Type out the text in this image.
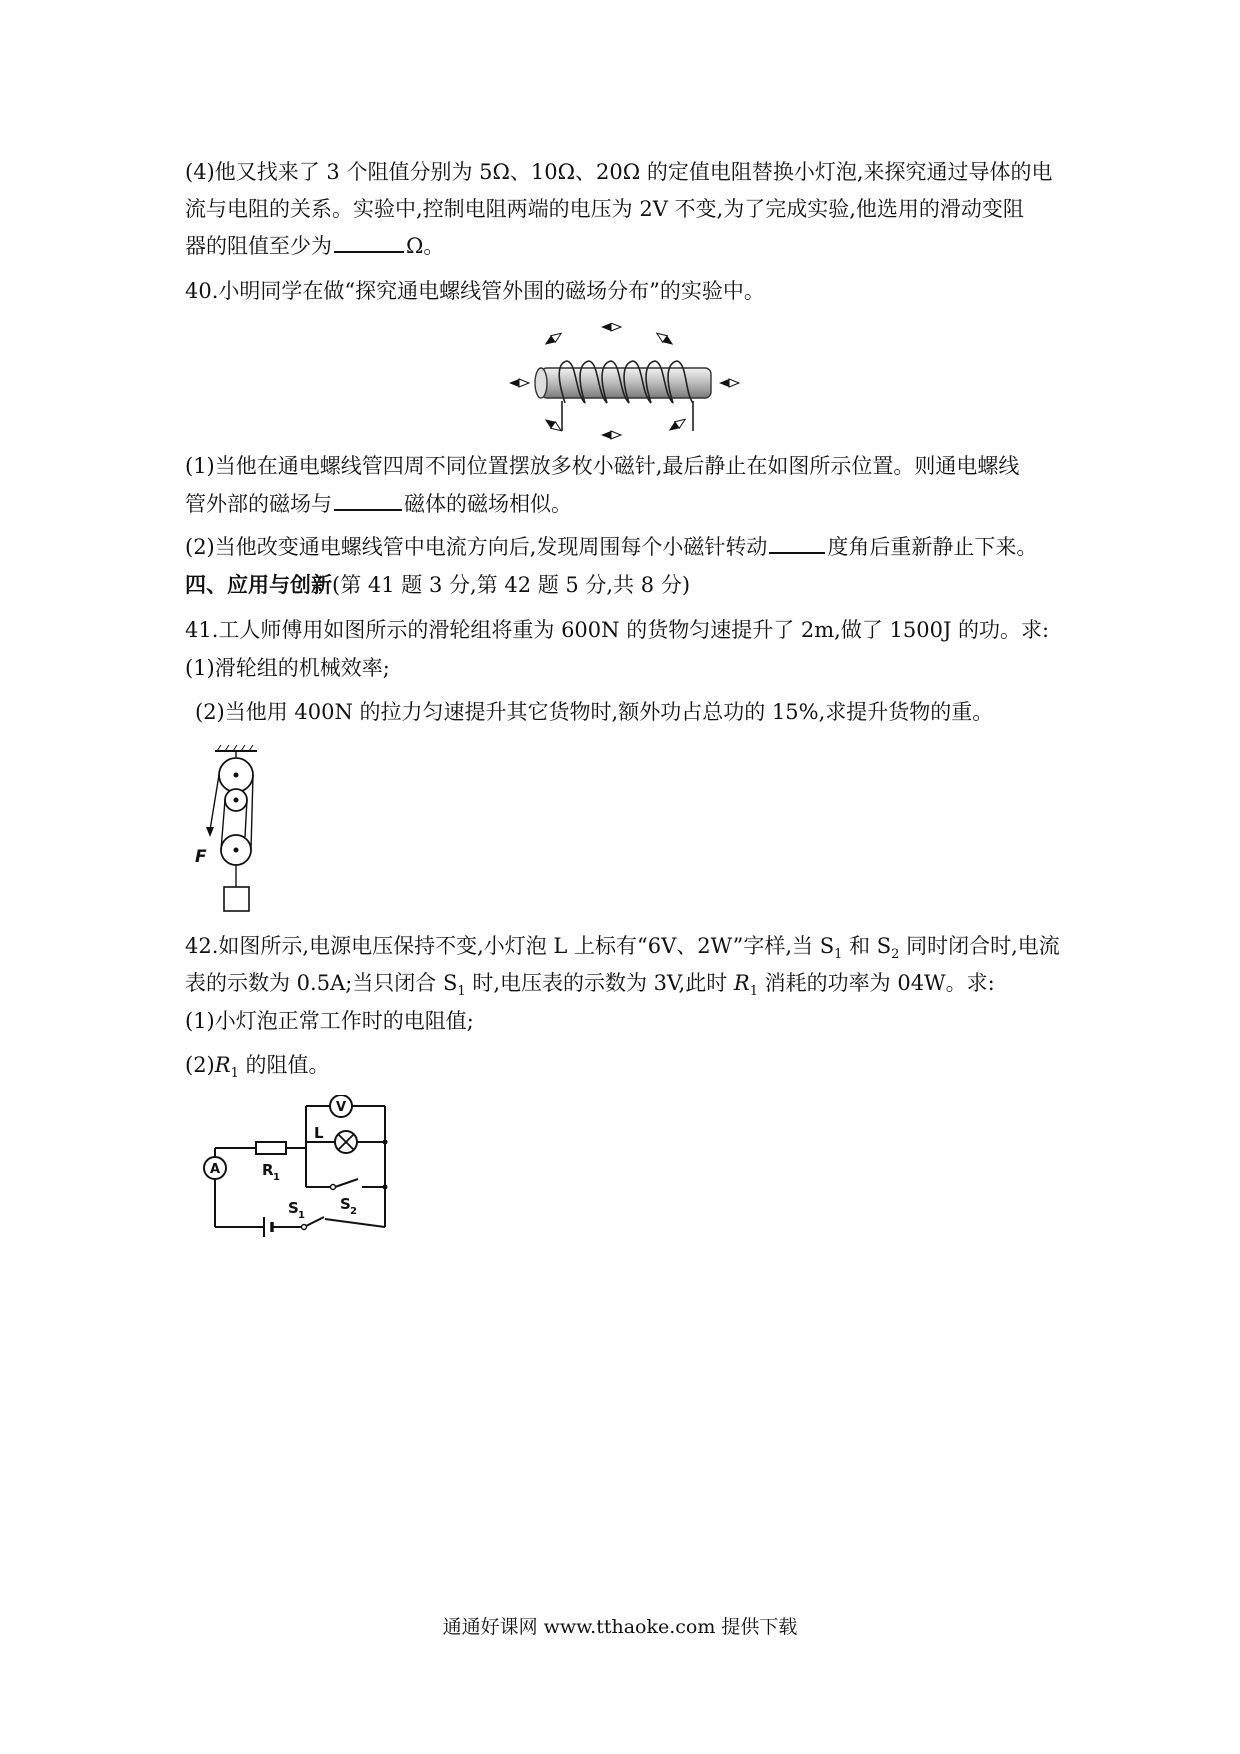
(4)他又找来了 3 个阻值分别为 5Ω、10Ω、20Ω 的定值电阻替换小灯泡,来探究通过导体的电
流与电阻的关系。实验中,控制电阻两端的电压为 2V 不变,为了完成实验,他选用的滑动变阻
器的阻值至少为	Ω。
40.小明同学在做“探究通电螺线管外围的磁场分布”的实验中。
(1)当他在通电螺线管四周不同位置摆放多枚小磁针,最后静止在如图所示位置。则通电螺线
管外部的磁场与	磁体的磁场相似。
(2)当他改变通电螺线管中电流方向后,发现周围每个小磁针转动	度角后重新静止下来。
四、应用与创新(第 41 题 3 分,第 42 题 5 分,共 8 分)
41.工人师傅用如图所示的滑轮组将重为 600N 的货物匀速提升了 2m,做了 1500J 的功。求:
(1)滑轮组的机械效率;
(2)当他用 400N 的拉力匀速提升其它货物时,额外功占总功的 15%,求提升货物的重。
F
42.如图所示,电源电压保持不变,小灯泡 L 上标有“6V、2W”字样,当 $S_1$ 和 $S_2$ 同时闭合时,电流
表的示数为 0.5A;当只闭合 $S_1$ 时,电压表的示数为 3V,此时 $R_1$ 消耗的功率为 04W。求:
(1)小灯泡正常工作时的电阻值;
$(2)R_1$ 的阻值。
V
L
A	R 1
S 1
S 2
通通好课网 www.tthaoke.com 提供下载
